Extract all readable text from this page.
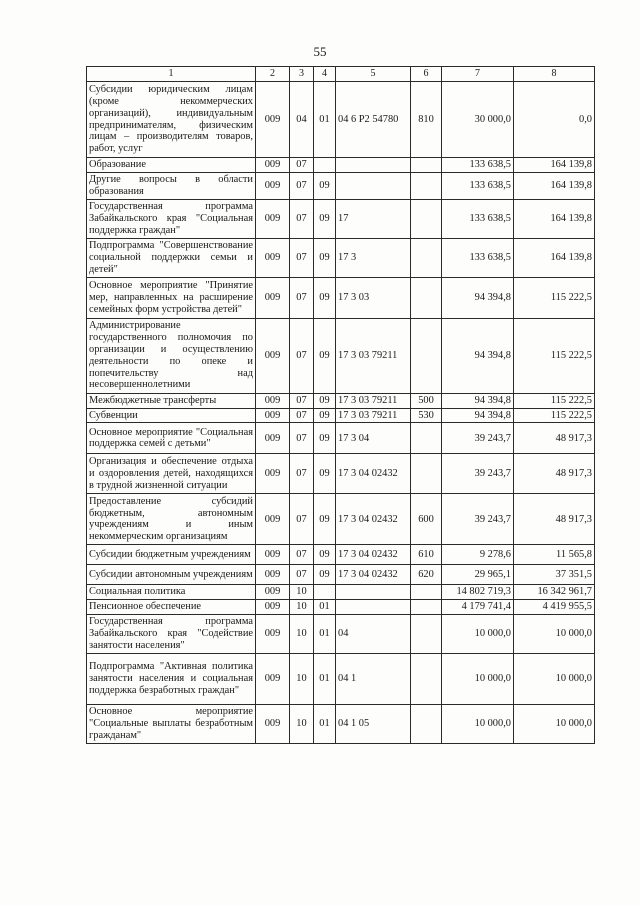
55
1	2	3	4	5	6	7	8
Субсидии юридическим лицам (кроме некоммерческих организаций), индивидуальным предпринимателям, физическим лицам – производителям товаров, работ, услуг	009	04	01	04 6 P2 54780	810	30 000,0	0,0
Образование	009	07				133 638,5	164 139,8
Другие вопросы в области образования	009	07	09			133 638,5	164 139,8
Государственная программа Забайкальского края "Социальная поддержка граждан"	009	07	09	17		133 638,5	164 139,8
Подпрограмма "Совершенствование социальной поддержки семьи и детей"	009	07	09	17 3		133 638,5	164 139,8
Основное мероприятие "Принятие мер, направленных на расширение семейных форм устройства детей"	009	07	09	17 3 03		94 394,8	115 222,5
Администрирование государственного полномочия по организации и осуществлению деятельности по опеке и попечительству над несовершеннолетними	009	07	09	17 3 03 79211		94 394,8	115 222,5
Межбюджетные трансферты	009	07	09	17 3 03 79211	500	94 394,8	115 222,5
Субвенции	009	07	09	17 3 03 79211	530	94 394,8	115 222,5
Основное мероприятие "Социальная поддержка семей с детьми"	009	07	09	17 3 04		39 243,7	48 917,3
Организация и обеспечение отдыха и оздоровления детей, находящихся в трудной жизненной ситуации	009	07	09	17 3 04 02432		39 243,7	48 917,3
Предоставление субсидий бюджетным, автономным учреждениям и иным некоммерческим организациям	009	07	09	17 3 04 02432	600	39 243,7	48 917,3
Субсидии бюджетным учреждениям	009	07	09	17 3 04 02432	610	9 278,6	11 565,8
Субсидии автономным учреждениям	009	07	09	17 3 04 02432	620	29 965,1	37 351,5
Социальная политика	009	10				14 802 719,3	16 342 961,7
Пенсионное обеспечение	009	10	01			4 179 741,4	4 419 955,5
Государственная программа Забайкальского края "Содействие занятости населения"	009	10	01	04		10 000,0	10 000,0
Подпрограмма "Активная политика занятости населения и социальная поддержка безработных граждан"	009	10	01	04 1		10 000,0	10 000,0
Основное мероприятие "Социальные выплаты безработным гражданам"	009	10	01	04 1 05		10 000,0	10 000,0
